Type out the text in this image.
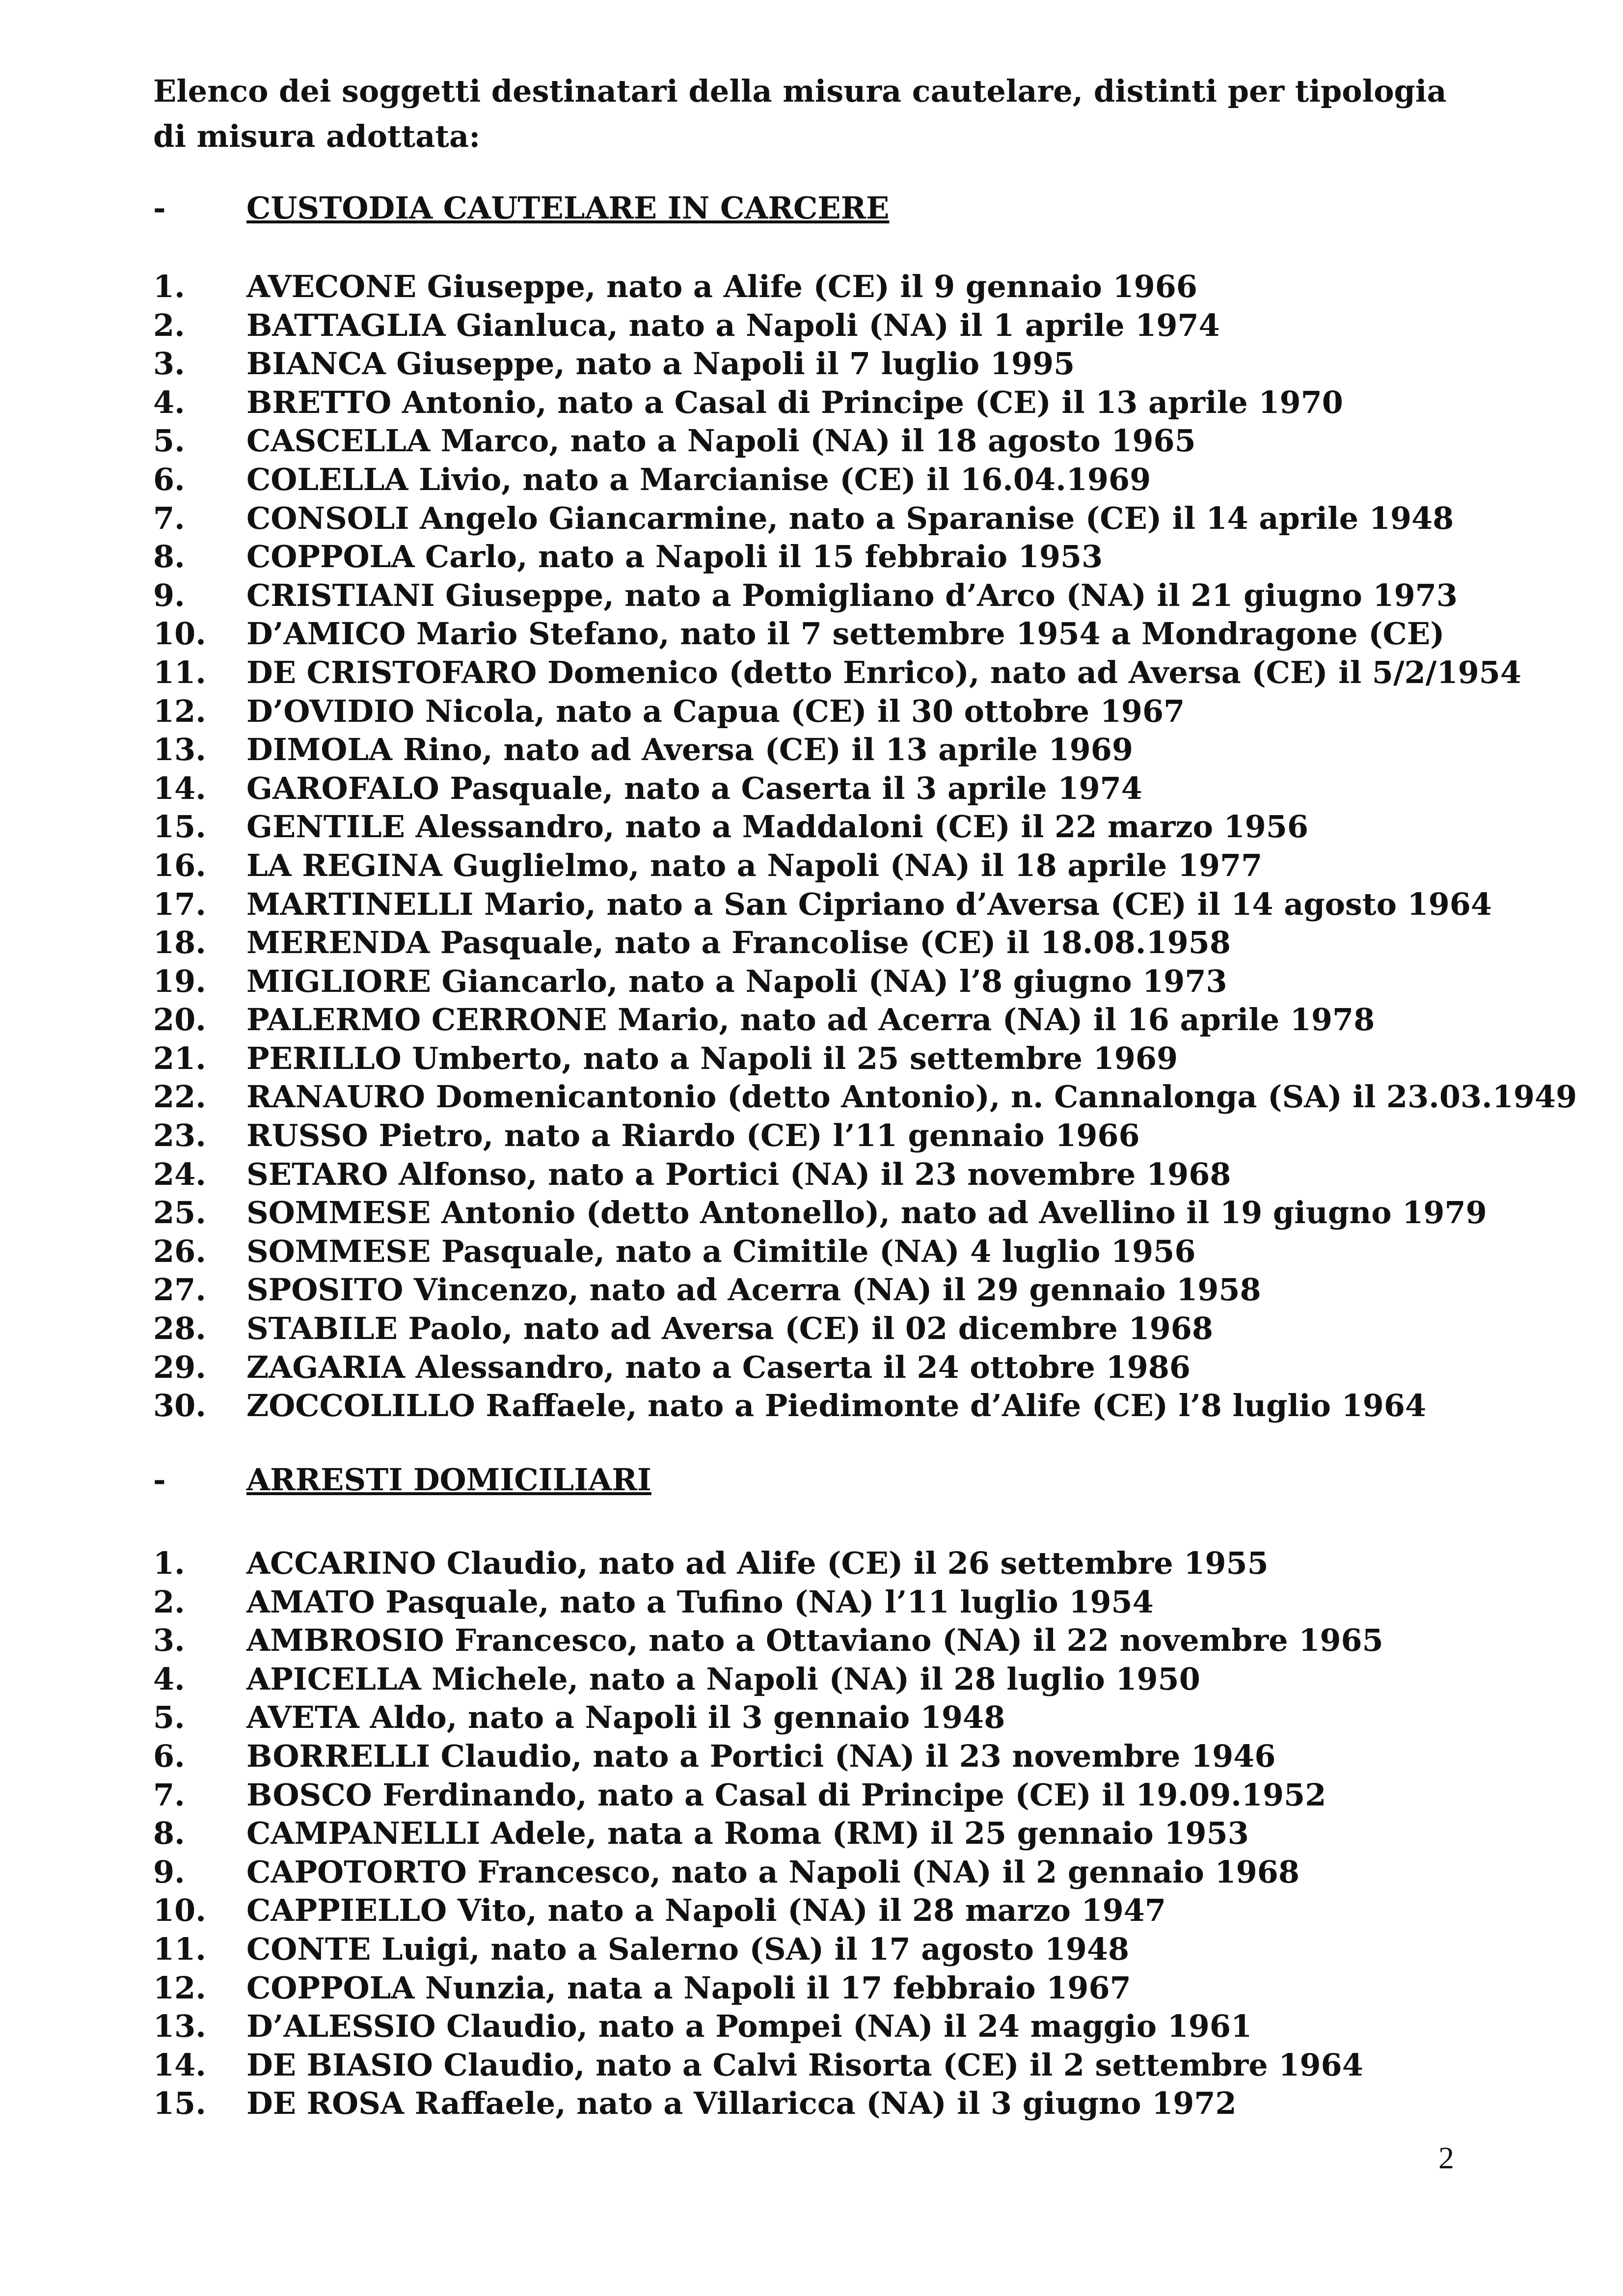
Elenco dei soggetti destinatari della misura cautelare, distinti per tipologia di misura adottata:
-	CUSTODIA CAUTELARE IN CARCERE
1. AVECONE Giuseppe, nato a Alife (CE) il 9 gennaio 1966
2. BATTAGLIA Gianluca, nato a Napoli (NA) il 1 aprile 1974
3. BIANCA Giuseppe, nato a Napoli il 7 luglio 1995
4. BRETTO Antonio, nato a Casal di Principe (CE) il 13 aprile 1970
5. CASCELLA Marco, nato a Napoli (NA) il 18 agosto 1965
6. COLELLA Livio, nato a Marcianise (CE) il 16.04.1969
7. CONSOLI Angelo Giancarmine, nato a Sparanise (CE) il 14 aprile 1948
8. COPPOLA Carlo, nato a Napoli il 15 febbraio 1953
9. CRISTIANI Giuseppe, nato a Pomigliano d’Arco (NA) il 21 giugno 1973
10. D’AMICO Mario Stefano, nato il 7 settembre 1954 a Mondragone (CE)
11. DE CRISTOFARO Domenico (detto Enrico), nato ad Aversa (CE) il 5/2/1954
12. D’OVIDIO Nicola, nato a Capua (CE) il 30 ottobre 1967
13. DIMOLA Rino, nato ad Aversa (CE) il 13 aprile 1969
14. GAROFALO Pasquale, nato a Caserta il 3 aprile 1974
15. GENTILE Alessandro, nato a Maddaloni (CE) il 22 marzo 1956
16. LA REGINA Guglielmo, nato a Napoli (NA) il 18 aprile 1977
17. MARTINELLI Mario, nato a San Cipriano d’Aversa (CE) il 14 agosto 1964
18. MERENDA Pasquale, nato a Francolise (CE) il 18.08.1958
19. MIGLIORE Giancarlo, nato a Napoli (NA) l’8 giugno 1973
20. PALERMO CERRONE Mario, nato ad Acerra (NA) il 16 aprile 1978
21. PERILLO Umberto, nato a Napoli il 25 settembre 1969
22. RANAURO Domenicantonio (detto Antonio), n. Cannalonga (SA) il 23.03.1949
23. RUSSO Pietro, nato a Riardo (CE) l’11 gennaio 1966
24. SETARO Alfonso, nato a Portici (NA) il 23 novembre 1968
25. SOMMESE Antonio (detto Antonello), nato ad Avellino il 19 giugno 1979
26. SOMMESE Pasquale, nato a Cimitile (NA) 4 luglio 1956
27. SPOSITO Vincenzo, nato ad Acerra (NA) il 29 gennaio 1958
28. STABILE Paolo, nato ad Aversa (CE) il 02 dicembre 1968
29. ZAGARIA Alessandro, nato a Caserta il 24 ottobre 1986
30. ZOCCOLILLO Raffaele, nato a Piedimonte d’Alife (CE) l’8 luglio 1964
-	ARRESTI DOMICILIARI
1. ACCARINO Claudio, nato ad Alife (CE) il 26 settembre 1955
2. AMATO Pasquale, nato a Tufino (NA) l’11 luglio 1954
3. AMBROSIO Francesco, nato a Ottaviano (NA) il 22 novembre 1965
4. APICELLA Michele, nato a Napoli (NA) il 28 luglio 1950
5. AVETA Aldo, nato a Napoli il 3 gennaio 1948
6. BORRELLI Claudio, nato a Portici (NA) il 23 novembre 1946
7. BOSCO Ferdinando, nato a Casal di Principe (CE) il 19.09.1952
8. CAMPANELLI Adele, nata a Roma (RM) il 25 gennaio 1953
9. CAPOTORTO Francesco, nato a Napoli (NA) il 2 gennaio 1968
10. CAPPIELLO Vito, nato a Napoli (NA) il 28 marzo 1947
11. CONTE Luigi, nato a Salerno (SA) il 17 agosto 1948
12. COPPOLA Nunzia, nata a Napoli il 17 febbraio 1967
13. D’ALESSIO Claudio, nato a Pompei (NA) il 24 maggio 1961
14. DE BIASIO Claudio, nato a Calvi Risorta (CE) il 2 settembre 1964
15. DE ROSA Raffaele, nato a Villaricca (NA) il 3 giugno 1972
2
